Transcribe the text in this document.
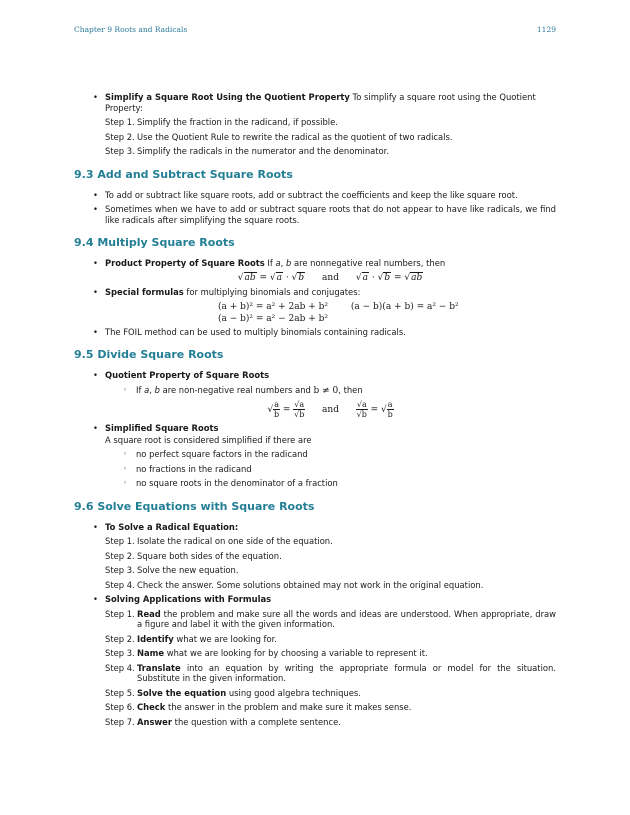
Chapter 9 Roots and Radicals	1129
• Simplify a Square Root Using the Quotient Property To simplify a square root using the Quotient Property:
Step 1. Simplify the fraction in the radicand, if possible.
Step 2. Use the Quotient Rule to rewrite the radical as the quotient of two radicals.
Step 3. Simplify the radicals in the numerator and the denominator.
9.3 Add and Subtract Square Roots
• To add or subtract like square roots, add or subtract the coefficients and keep the like square root.
• Sometimes when we have to add or subtract square roots that do not appear to have like radicals, we find like radicals after simplifying the square roots.
9.4 Multiply Square Roots
• Product Property of Square Roots If a, b are nonnegative real numbers, then
√ab = √a · √b and √a · √b = √ab
• Special formulas for multiplying binomials and conjugates:
(a + b)² = a² + 2ab + b²	(a − b)(a + b) = a² − b²
(a − b)² = a² − 2ab + b²
• The FOIL method can be used to multiply binomials containing radicals.
9.5 Divide Square Roots
• Quotient Property of Square Roots
◦ If a, b are non-negative real numbers and b ≠ 0, then
√ $\frac{a}{b} = \frac{√a}{√b}$ and $\frac{√a}{√b}$ = √ $\frac{a}{b}$
• Simplified Square Roots
A square root is considered simplified if there are
◦ no perfect square factors in the radicand
◦ no fractions in the radicand
◦ no square roots in the denominator of a fraction
9.6 Solve Equations with Square Roots
• To Solve a Radical Equation:
Step 1. Isolate the radical on one side of the equation.
Step 2. Square both sides of the equation.
Step 3. Solve the new equation.
Step 4. Check the answer. Some solutions obtained may not work in the original equation.
• Solving Applications with Formulas
Step 1. Read the problem and make sure all the words and ideas are understood. When appropriate, draw a figure and label it with the given information.
Step 2. Identify what we are looking for.
Step 3. Name what we are looking for by choosing a variable to represent it.
Step 4. Translate into an equation by writing the appropriate formula or model for the situation. Substitute in the given information.
Step 5. Solve the equation using good algebra techniques.
Step 6. Check the answer in the problem and make sure it makes sense.
Step 7. Answer the question with a complete sentence.
